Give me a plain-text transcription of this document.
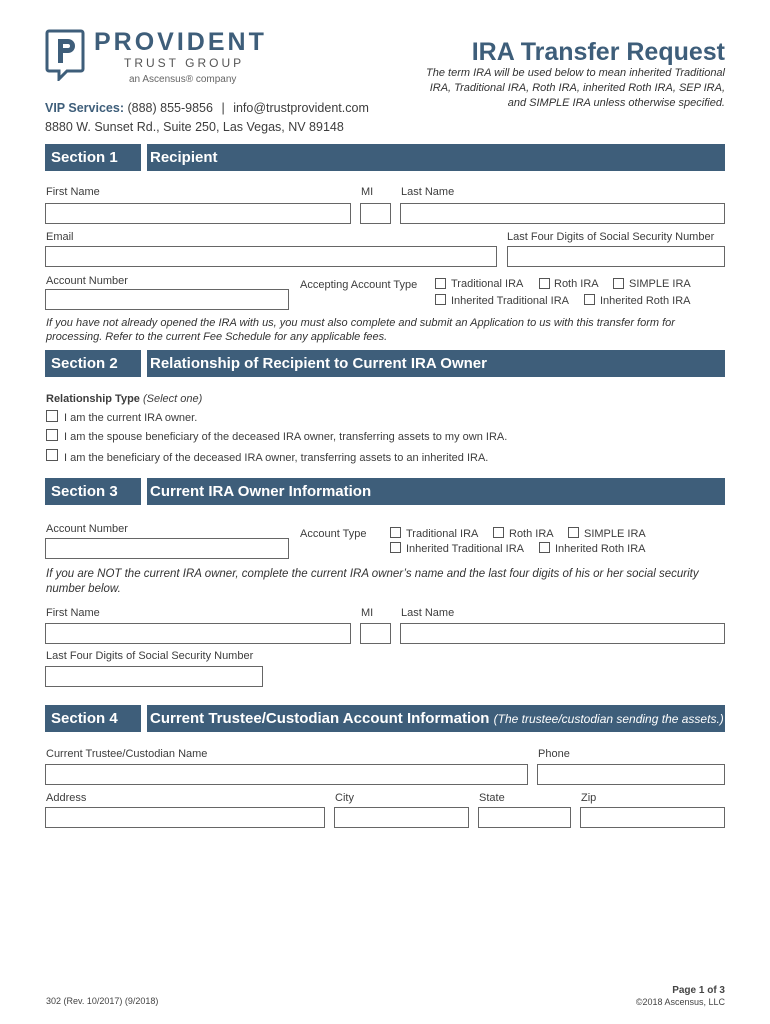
PROVIDENT
TRUST GROUP
an Ascensus® company
IRA Transfer Request
The term IRA will be used below to mean inherited Traditional IRA, Traditional IRA, Roth IRA, inherited Roth IRA, SEP IRA, and SIMPLE IRA unless otherwise specified.
VIP Services: (888) 855-9856 | info@trustprovident.com
8880 W. Sunset Rd., Suite 250, Las Vegas, NV 89148
Section 1 Recipient
First Name	MI	Last Name
Email	Last Four Digits of Social Security Number
Account Number	Accepting Account Type	Traditional IRA	Roth IRA	SIMPLE IRA
Inherited Traditional IRA	Inherited Roth IRA
If you have not already opened the IRA with us, you must also complete and submit an Application to us with this transfer form for processing. Refer to the current Fee Schedule for any applicable fees.
Section 2 Relationship of Recipient to Current IRA Owner
Relationship Type (Select one)
I am the current IRA owner.
I am the spouse beneficiary of the deceased IRA owner, transferring assets to my own IRA.
I am the beneficiary of the deceased IRA owner, transferring assets to an inherited IRA.
Section 3 Current IRA Owner Information
Account Number	Account Type	Traditional IRA	Roth IRA	SIMPLE IRA
Inherited Traditional IRA	Inherited Roth IRA
If you are NOT the current IRA owner, complete the current IRA owner’s name and the last four digits of his or her social security number below.
First Name	MI	Last Name
Last Four Digits of Social Security Number
Section 4 Current Trustee/Custodian Account Information (The trustee/custodian sending the assets.)
Current Trustee/Custodian Name	Phone
Address	City	State	Zip
302 (Rev. 10/2017) (9/2018)
Page 1 of 3
©2018 Ascensus, LLC
